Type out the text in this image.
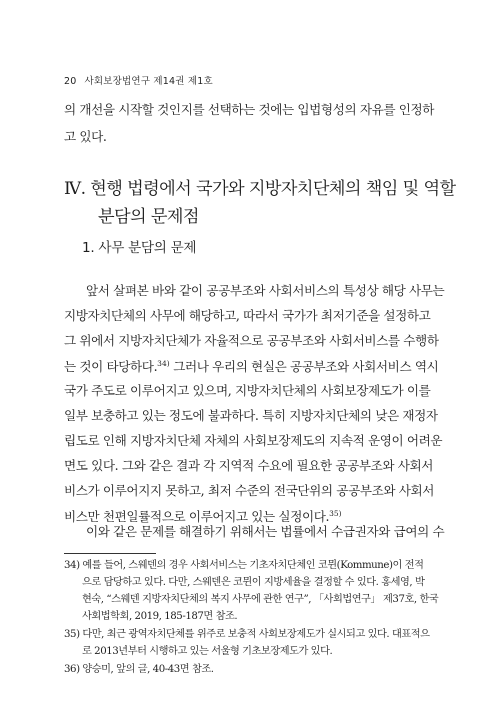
20 사회보장법연구 제14권 제1호
의 개선을 시작할 것인지를 선택하는 것에는 입법형성의 자유를 인정하
고 있다.
Ⅳ. 현행 법령에서 국가와 지방자치단체의 책임 및 역할
분담의 문제점
1. 사무 분담의 문제
앞서 살펴본 바와 같이 공공부조와 사회서비스의 특성상 해당 사무는
지방자치단체의 사무에 해당하고, 따라서 국가가 최저기준을 설정하고
그 위에서 지방자치단체가 자율적으로 공공부조와 사회서비스를 수행하
는 것이 타당하다.$^{34)}$ 그러나 우리의 현실은 공공부조와 사회서비스 역시
국가 주도로 이루어지고 있으며, 지방자치단체의 사회보장제도가 이를
일부 보충하고 있는 정도에 불과하다. 특히 지방자치단체의 낮은 재정자
립도로 인해 지방자치단체 자체의 사회보장제도의 지속적 운영이 어려운
면도 있다. 그와 같은 결과 각 지역적 수요에 필요한 공공부조와 사회서
비스가 이루어지지 못하고, 최저 수준의 전국단위의 공공부조와 사회서
비스만 천편일률적으로 이루어지고 있는 실정이다.$^{35)}$
이와 같은 문제를 해결하기 위해서는 법률에서 수급권자와 급여의 수
34) 예를 들어, 스웨덴의 경우 사회서비스는 기초자치단체인 코뮌(Kommune)이 전적
으로 담당하고 있다. 다만, 스웨덴은 코뮌이 지방세율을 결정할 수 있다. 홍세영, 박
현숙, “스웨덴 지방자치단체의 복지 사무에 관한 연구”, 「사회법연구」 제37호, 한국
사회법학회, 2019, 185-187면 참조.
35) 다만, 최근 광역자치단체를 위주로 보충적 사회보장제도가 실시되고 있다. 대표적으
로 2013년부터 시행하고 있는 서울형 기초보장제도가 있다.
36) 양승미, 앞의 글, 40-43면 참조.
